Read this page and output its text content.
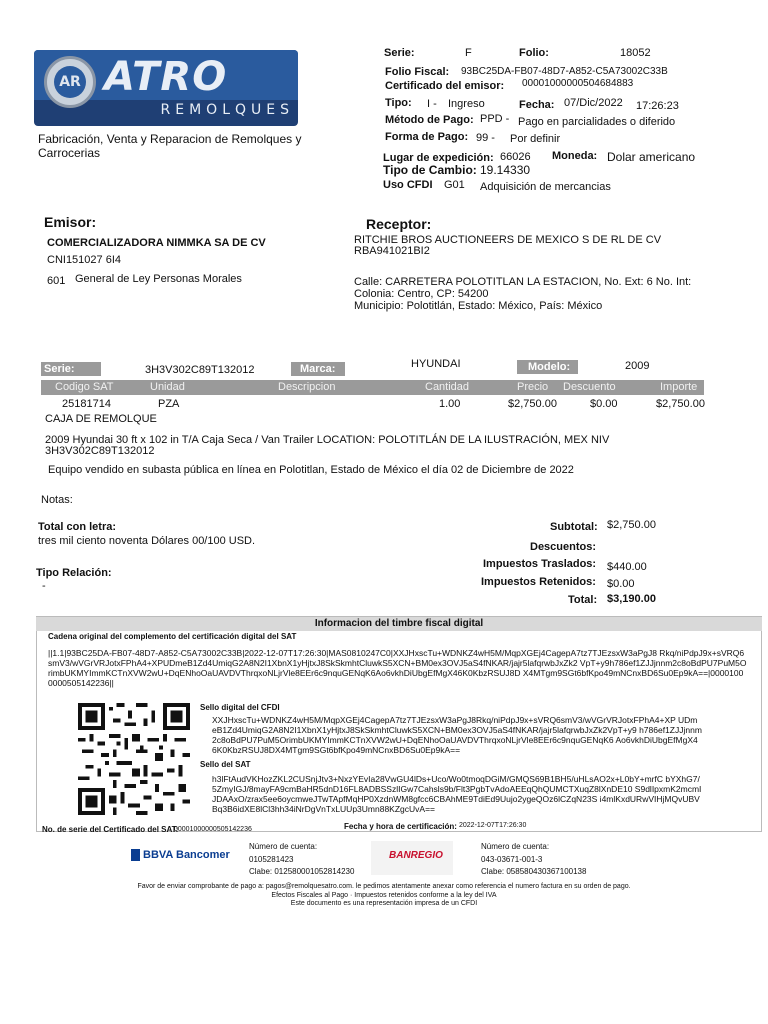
AR ATRO
REMOLQUES
Fabricación, Venta y Reparacion de Remolques y Carrocerias
Serie:	F	Folio:	18052
Folio Fiscal: 93BC25DA-FB07-48D7-A852-C5A73002C33B
Certificado del emisor: 00001000000504684883
Tipo: I - Ingreso	Fecha: 07/Dic/2022 17:26:23
Método de Pago: PPD - Pago en parcialidades o diferido
Forma de Pago: 99 - Por definir
Lugar de expedición: 66026 Moneda: Dolar americano
Tipo de Cambio: 19.14330
Uso CFDI G01 Adquisición de mercancias
Emisor:
COMERCIALIZADORA NIMMKA SA DE CV
CNI151027 6I4
601 General de Ley Personas Morales
Receptor:
RITCHIE BROS AUCTIONEERS DE MEXICO S DE RL DE CV
RBA941021BI2
Calle: CARRETERA POLOTITLAN LA ESTACION, No. Ext: 6 No. Int:
Colonia: Centro, CP: 54200
Municipio: Polotitlán, Estado: México, País: México
Serie:	3H3V302C89T132012	Marca:	HYUNDAI	Modelo:	2009
Codigo SAT	Unidad	Descripcion	Cantidad	Precio Descuento	Importe
25181714	PZA	1.00	$2,750.00	$0.00	$2,750.00
CAJA DE REMOLQUE
2009 Hyundai 30 ft x 102 in T/A Caja Seca / Van Trailer LOCATION: POLOTITLÁN DE LA ILUSTRACIÓN, MEX NIV
3H3V302C89T132012
Equipo vendido en subasta pública en línea en Polotitlan, Estado de México el día 02 de Diciembre de 2022
Notas:
Total con letra:
tres mil ciento noventa Dólares 00/100 USD.
Tipo Relación:
-
Subtotal: $2,750.00
Descuentos:
Impuestos Traslados: $440.00
Impuestos Retenidos: $0.00
Total: $3,190.00
Informacion del timbre fiscal digital
Cadena original del complemento del certificación digital del SAT
||1.1|93BC25DA-FB07-48D7-A852-C5A73002C33B|2022-12-07T17:26:30|MAS0810247C0|XXJHxscTu+WDNKZ4wH5M/MqpXGEj4CagepA7tz7TJEzsxW3aPgJ8 Rkq/niPdpJ9x+sVRQ6smV3/wVGrVRJotxFPhA4+XPUDmeB1Zd4UmiqG2A8N2I1XbnX1yHjtxJ8SkSkmhtCluwkS5XCN+BM0ex3OVJ5aS4fNKAR/jajr5lafqrwbJxZk2 VpT+y9h786ef1ZJJjnnm2c8oBdPU7PuM5OrimbUKMYImmKCTnXVW2wU+DqENhoOaUAVDVThrqxoNLjrVle8EEr6c9nquGENqK6Ao6vkhDiUbgEfMgX46K0KbzRSUJ8D X4MTgm9SGt6bfKpo49mNCnxBD6Su0Ep9kA==|00001000000505142236||
Sello digital del CFDI
XXJHxscTu+WDNKZ4wH5M/MqpXGEj4CagepA7tz7TJEzsxW3aPgJ8Rkq/niPdpJ9x+sVRQ6smV3/wVGrVRJotxFPhA4+XP UDmeB1Zd4UmiqG2A8N2I1XbnX1yHjtxJ8SkSkmhtCluwkS5XCN+BM0ex3OVJ5aS4fNKAR/jajr5lafqrwbJxZk2VpT+y9 h786ef1ZJJjnnm2c8oBdPU7PuM5OrimbUKMYImmKCTnXVW2wU+DqENhoOaUAVDVThrqxoNLjrVle8EEr6c9nquGENqK6 Ao6vkhDiUbgEfMgX46K0KbzRSUJ8DX4MTgm9SGt6bfKpo49mNCnxBD6Su0Ep9kA==
Sello del SAT
h3lFtAudVKHozZKL2CUSnjJtv3+NxzYEvIa28VwGU4lDs+Uco/Wo0tmoqDGiM/GMQS69B1BH5/uHLsAO2x+L0bY+mrfC bYXhG7/5ZmyIGJ/8mayFA9cmBaHR5dnD16FL8ADBSSzlIGw7Cahsls9b/Flt3PgbTvAdoAEEqQhQUMCTXuqZ8lXnDE10 S9dlIpxmK2mcmIJDAAxO/zrax5ee6oycmweJTwTApfMqHP0XzdnWM8gfcc6CBAhME9TdiEd9Uujo2ygeQOz6lCZqN23S i4mlKxdURwVIHjMQvUBVBq3B6idXE8lCl3hh34iNrDgVnTxLUUp3Umn88KZgcUvA==
No. de serie del Certificado del SAT:
00001000000505142236	Fecha y hora de certificación: 2022-12-07T17:26:30
BBVA Bancomer
Número de cuenta:
0105281423
Clabe: 012580001052814230
BANREGIO
Número de cuenta:
043-03671-001-3
Clabe: 058580430367100138
Favor de enviar comprobante de pago a: pagos@remolquesatro.com. le pedimos atentamente anexar como referencia el numero factura en su orden de pago.
Efectos Fiscales al Pago · Impuestos retenidos conforme a la ley del IVA
Este documento es una representación impresa de un CFDI
